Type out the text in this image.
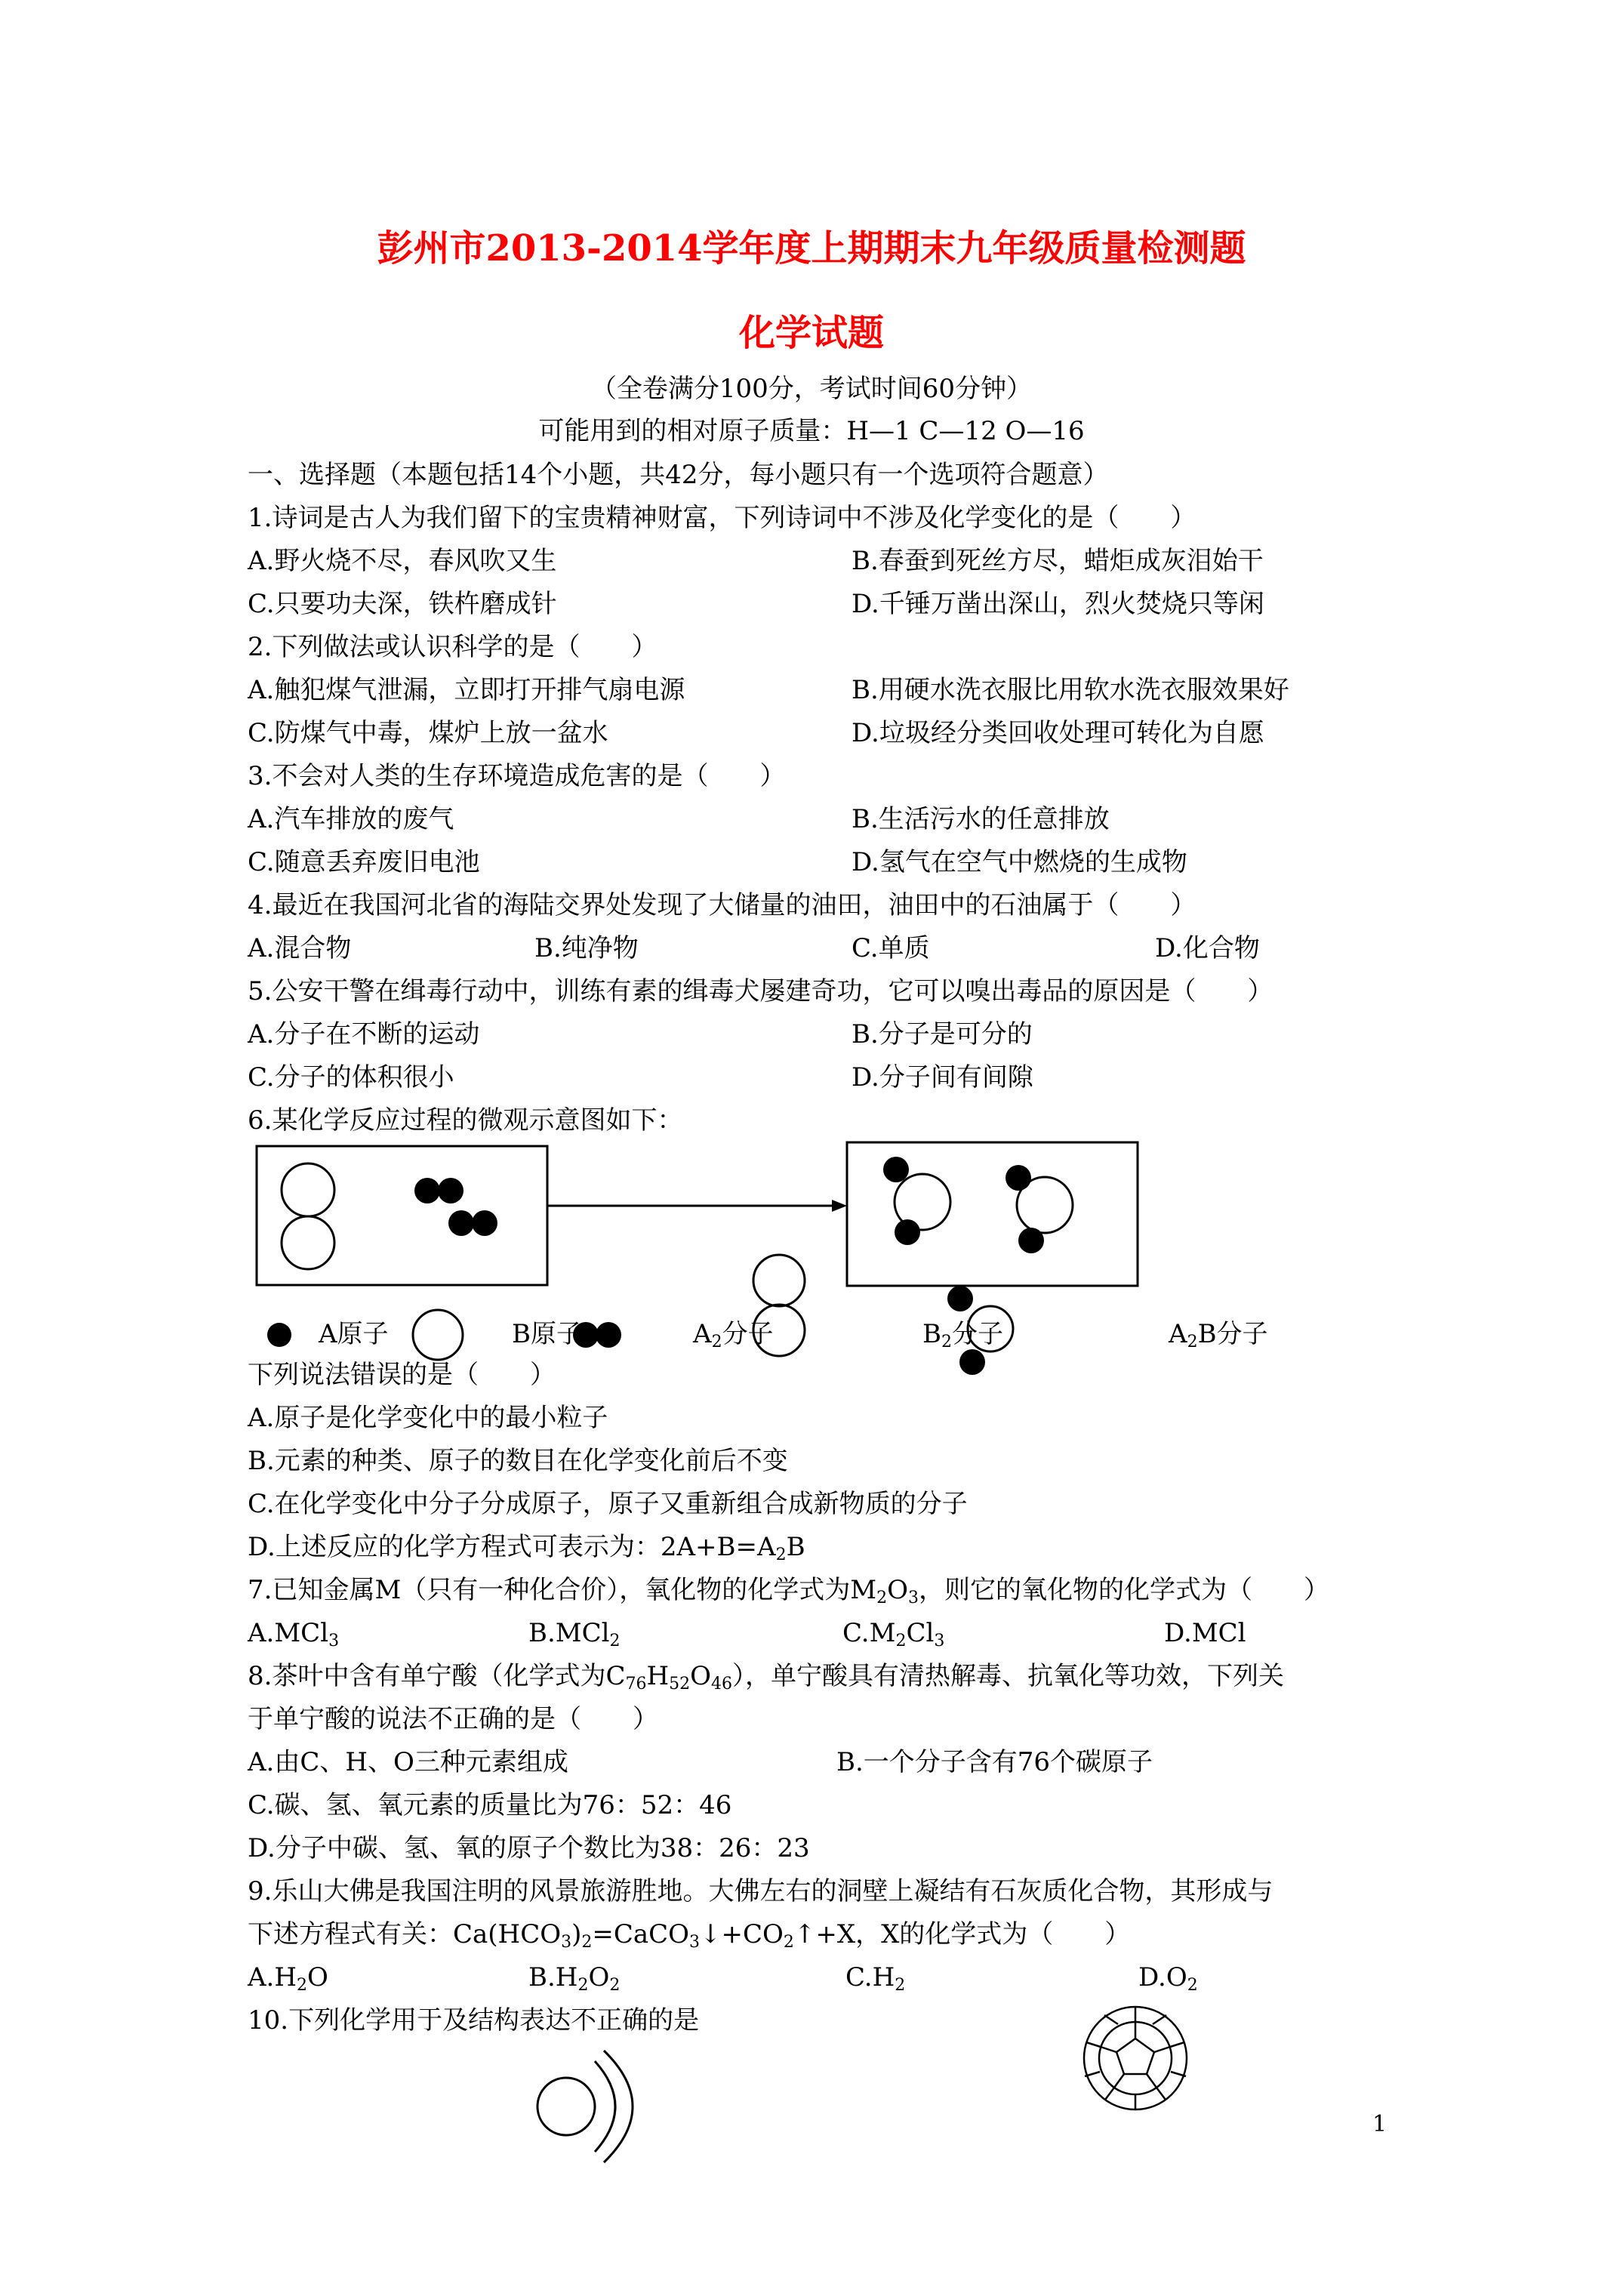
彭州市2013-2014学年度上期期末九年级质量检测题
化学试题
（全卷满分100分，考试时间60分钟）
可能用到的相对原子质量：H—1 C—12 O—16
一、选择题（本题包括14个小题，共42分，每小题只有一个选项符合题意）
1.诗词是古人为我们留下的宝贵精神财富，下列诗词中不涉及化学变化的是（　　）
A.野火烧不尽，春风吹又生	B.春蚕到死丝方尽，蜡炬成灰泪始干
C.只要功夫深，铁杵磨成针	D.千锤万凿出深山，烈火焚烧只等闲
2.下列做法或认识科学的是（　　）
A.触犯煤气泄漏，立即打开排气扇电源	B.用硬水洗衣服比用软水洗衣服效果好
C.防煤气中毒，煤炉上放一盆水	D.垃圾经分类回收处理可转化为自愿
3.不会对人类的生存环境造成危害的是（　　）
A.汽车排放的废气	B.生活污水的任意排放
C.随意丢弃废旧电池	D.氢气在空气中燃烧的生成物
4.最近在我国河北省的海陆交界处发现了大储量的油田，油田中的石油属于（　　）
A.混合物	B.纯净物	C.单质	D.化合物
5.公安干警在缉毒行动中，训练有素的缉毒犬屡建奇功，它可以嗅出毒品的原因是（　　）
A.分子在不断的运动	B.分子是可分的
C.分子的体积很小	D.分子间有间隙
6.某化学反应过程的微观示意图如下：
A原子	B原子	$A_2$分子	$B_2$分子	$A_2B$分子
下列说法错误的是（　　）
A.原子是化学变化中的最小粒子
B.元素的种类、原子的数目在化学变化前后不变
C.在化学变化中分子分成原子，原子又重新组合成新物质的分子
D.上述反应的化学方程式可表示为：$2A+B=A_2B$
7.已知金属M（只有一种化合价），氧化物的化学式为$M_2O_3$，则它的氧化物的化学式为（　　）
A.MCl$_3$	B.MCl$_2$	$C.M_2Cl_3$	D.MCl
8.茶叶中含有单宁酸（化学式为$C_{76}H_{52}O_{46}$），单宁酸具有清热解毒、抗氧化等功效，下列关
于单宁酸的说法不正确的是（　　）
A.由C、H、O三种元素组成	B.一个分子含有76个碳原子
C.碳、氢、氧元素的质量比为76：52：46
D.分子中碳、氢、氧的原子个数比为38：26：23
9.乐山大佛是我国注明的风景旅游胜地。大佛左右的洞壁上凝结有石灰质化合物，其形成与
下述方程式有关：$Ca(HCO_3)_2=CaCO_3↓+CO_2↑+X$，X的化学式为（　　）
$A.H_2O$	$B.H_2O_2$	$C.H_2$	$D.O_2$
10.下列化学用于及结构表达不正确的是
1
